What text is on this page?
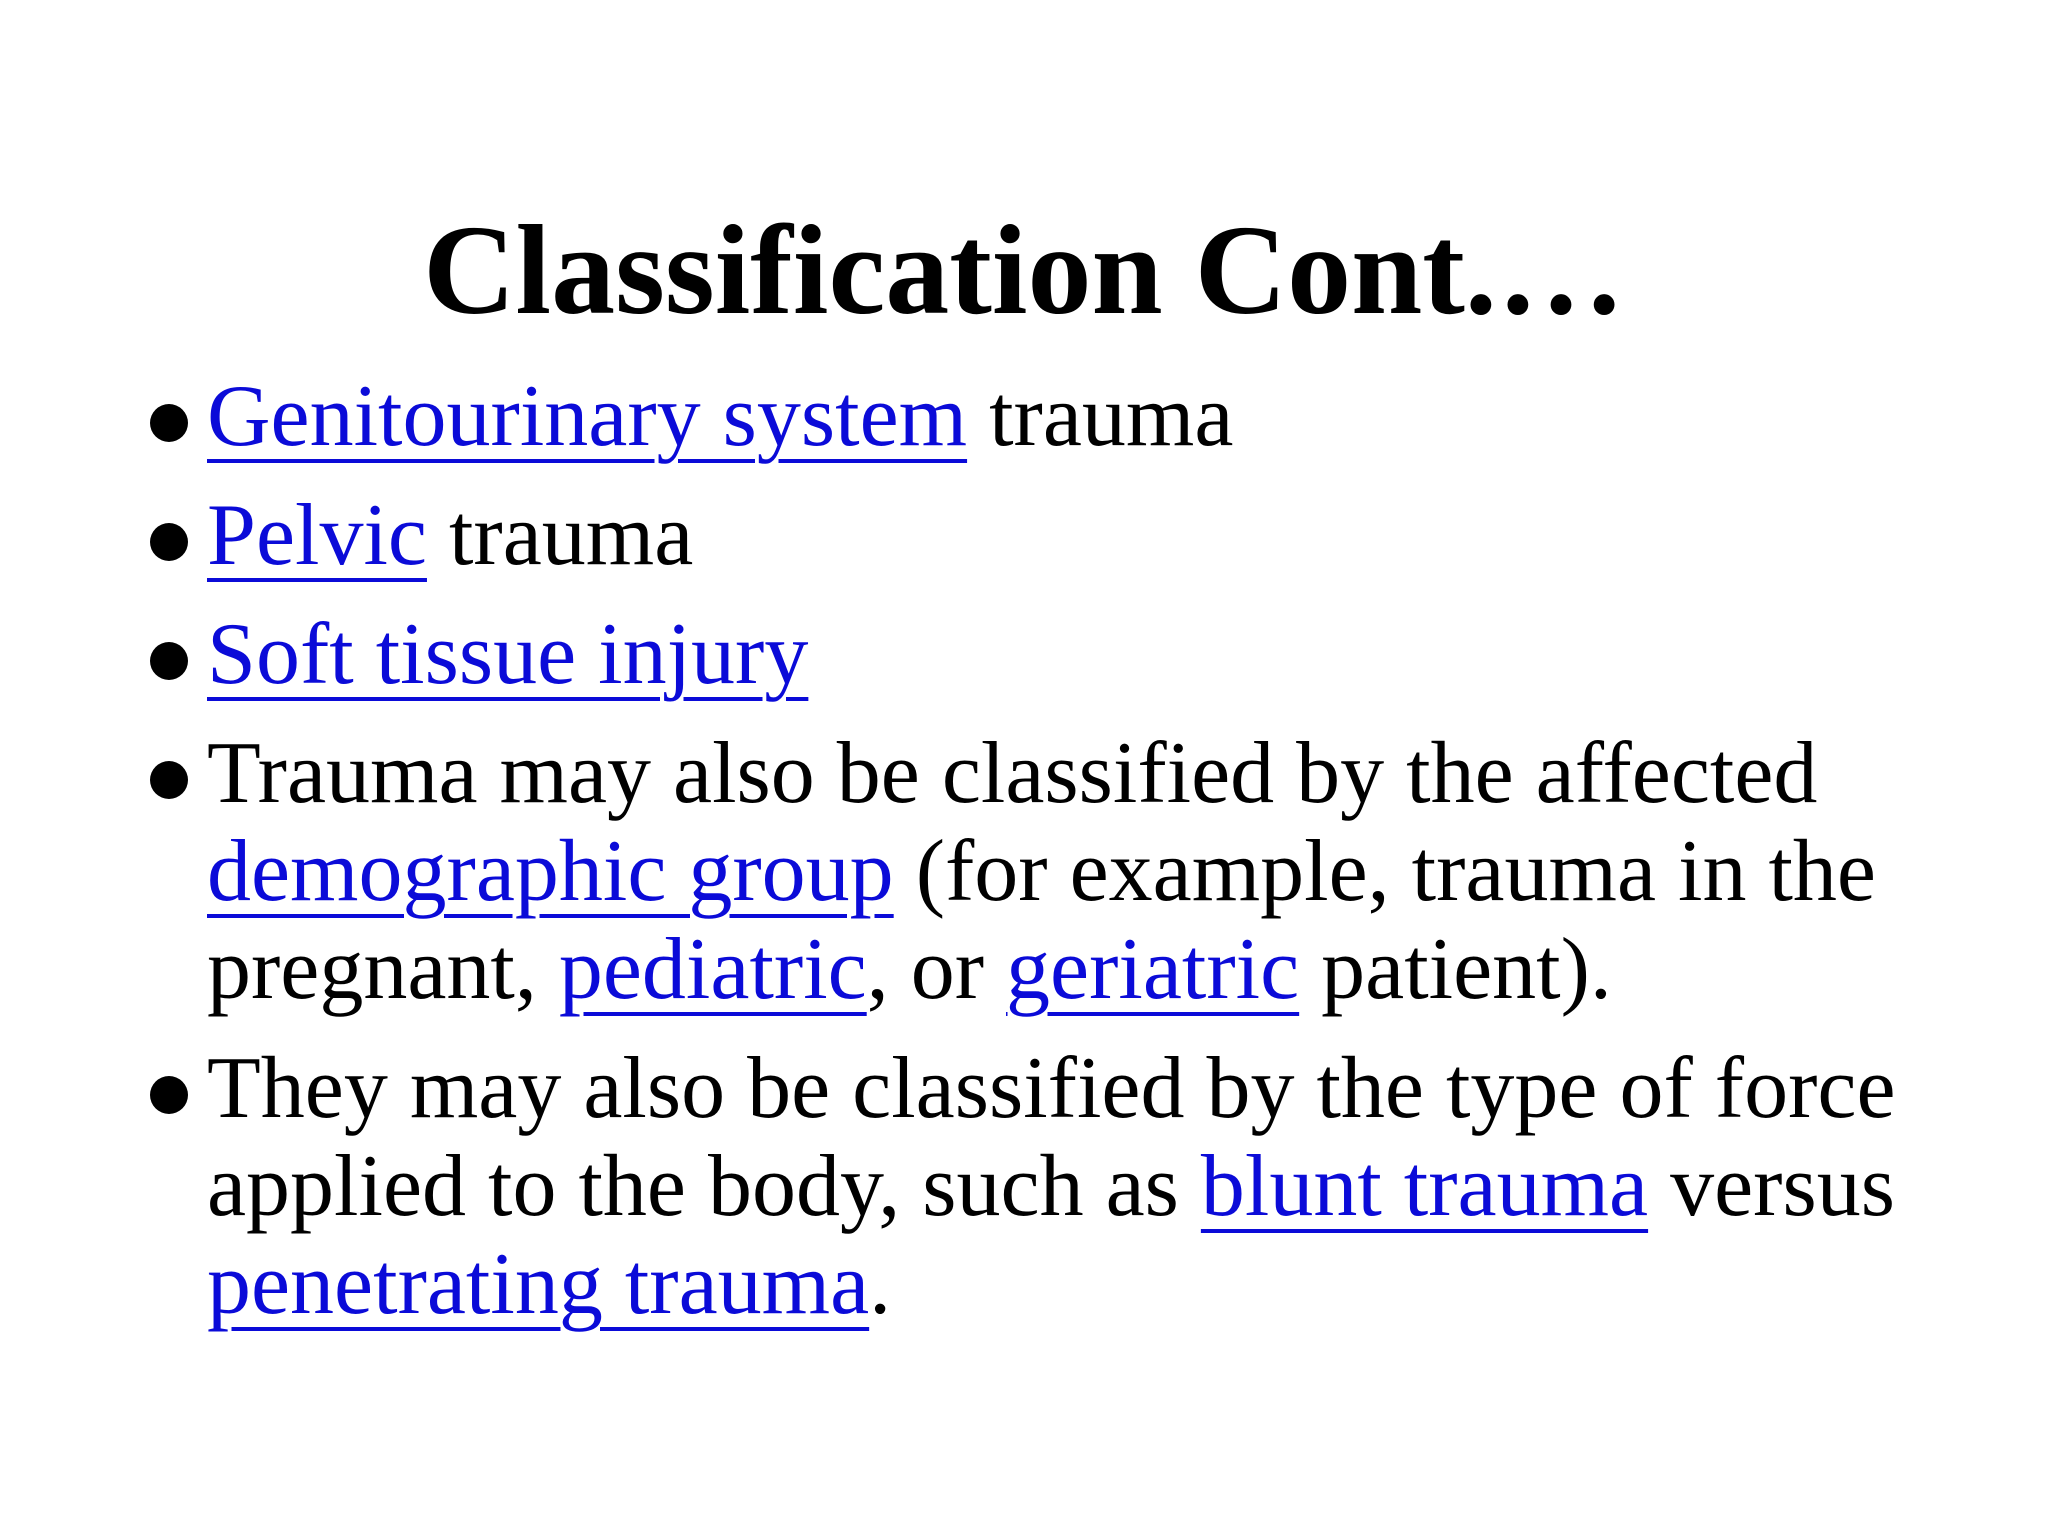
Classification Cont.…
Genitourinary system trauma
Pelvic trauma
Soft tissue injury
Trauma may also be classified by the affected demographic group (for example, trauma in the pregnant, pediatric, or geriatric patient).
They may also be classified by the type of force applied to the body, such as blunt trauma versus penetrating trauma.
